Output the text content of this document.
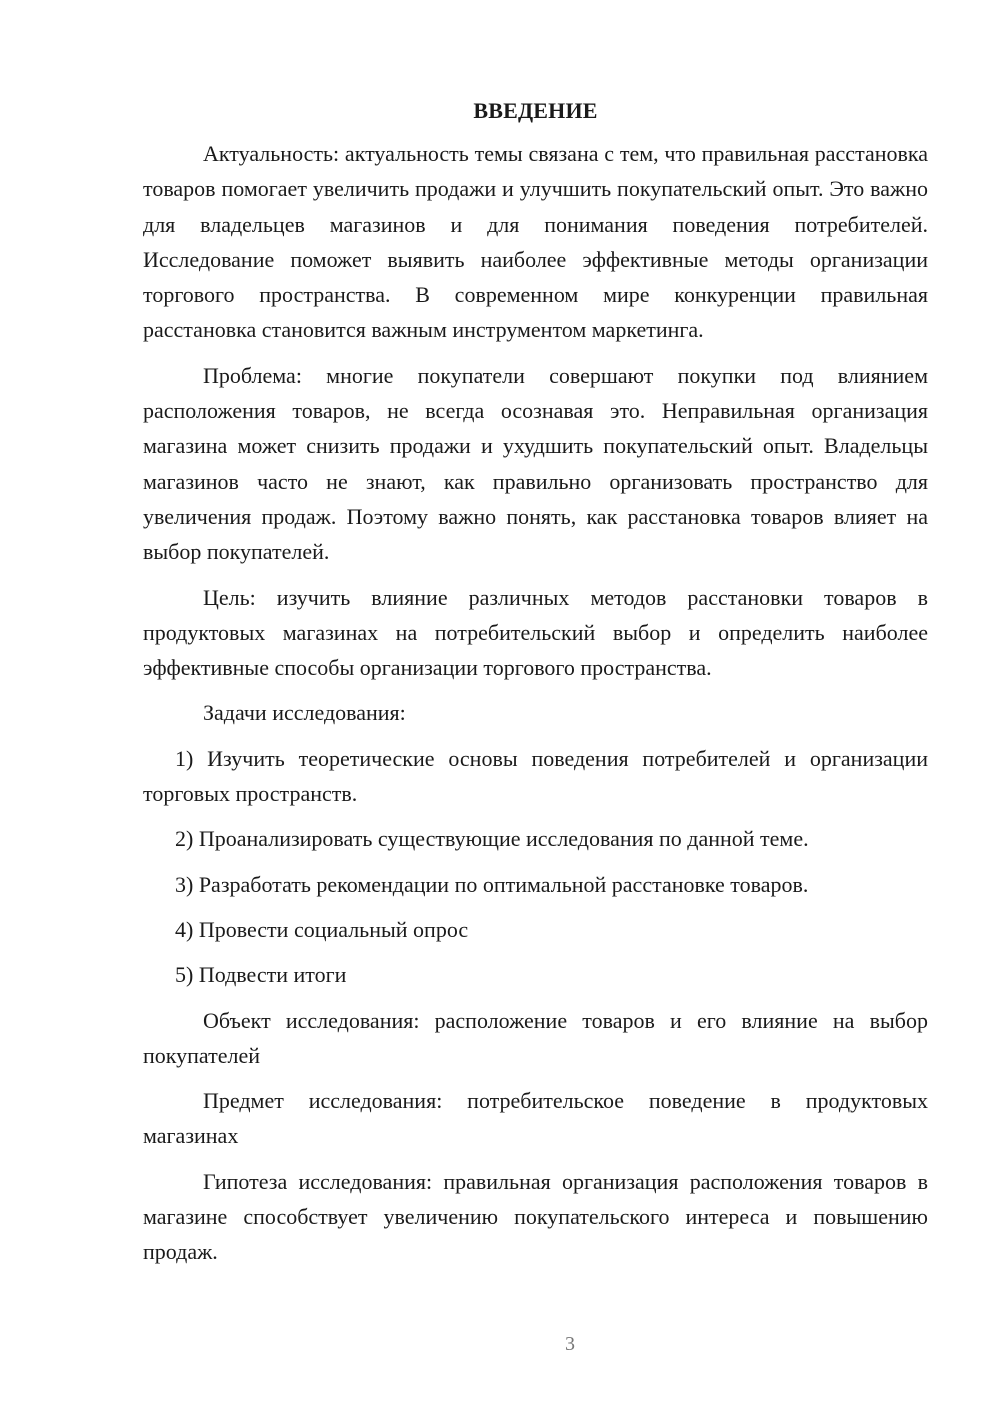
ВВЕДЕНИЕ

Актуальность: актуальность темы связана с тем, что правильная расстановка товаров помогает увеличить продажи и улучшить покупательский опыт. Это важно для владельцев магазинов и для понимания поведения потребителей. Исследование поможет выявить наиболее эффективные методы организации торгового пространства. В современном мире конкуренции правильная расстановка становится важным инструментом маркетинга.

Проблема: многие покупатели совершают покупки под влиянием расположения товаров, не всегда осознавая это. Неправильная организация магазина может снизить продажи и ухудшить покупательский опыт. Владельцы магазинов часто не знают, как правильно организовать пространство для увеличения продаж. Поэтому важно понять, как расстановка товаров влияет на выбор покупателей.

Цель: изучить влияние различных методов расстановки товаров в продуктовых магазинах на потребительский выбор и определить наиболее эффективные способы организации торгового пространства.

Задачи исследования:

1) Изучить теоретические основы поведения потребителей и организации торговых пространств.

2) Проанализировать существующие исследования по данной теме.

3) Разработать рекомендации по оптимальной расстановке товаров.

4) Провести социальный опрос

5) Подвести итоги

Объект исследования: расположение товаров и его влияние на выбор покупателей

Предмет исследования: потребительское поведение в продуктовых магазинах

Гипотеза исследования: правильная организация расположения товаров в магазине способствует увеличению покупательского интереса и повышению продаж.

3
